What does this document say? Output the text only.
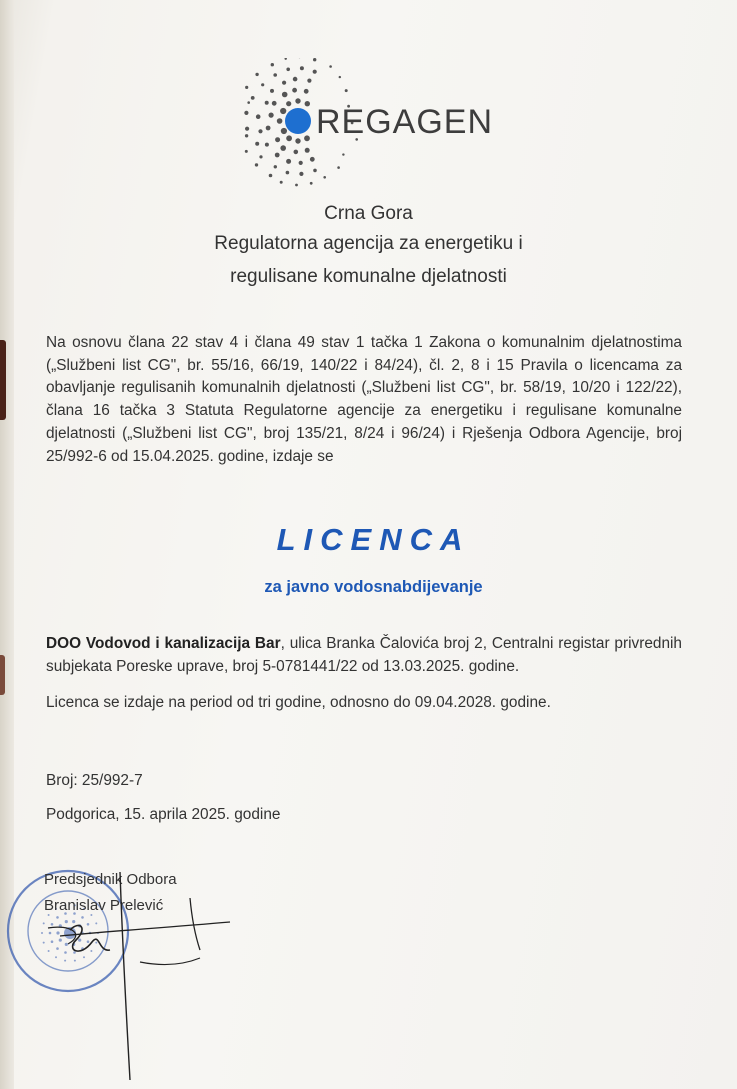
REGAGEN
Crna Gora
Regulatorna agencija za energetiku i
regulisane komunalne djelatnosti
Na osnovu člana 22 stav 4 i člana 49 stav 1 tačka 1 Zakona o komunalnim djelatnostima („Službeni list CG", br. 55/16, 66/19, 140/22 i 84/24), čl. 2, 8 i 15 Pravila o licencama za obavljanje regulisanih komunalnih djelatnosti („Službeni list CG", br. 58/19, 10/20 i 122/22), člana 16 tačka 3 Statuta Regulatorne agencije za energetiku i regulisane komunalne djelatnosti („Službeni list CG", broj 135/21, 8/24 i 96/24) i Rješenja Odbora Agencije, broj 25/992-6 od 15.04.2025. godine, izdaje se
LICENCA
za javno vodosnabdijevanje
DOO Vodovod i kanalizacija Bar, ulica Branka Čalovića broj 2, Centralni registar privrednih subjekata Poreske uprave, broj 5-0781441/22 od 13.03.2025. godine.
Licenca se izdaje na period od tri godine, odnosno do 09.04.2028. godine.
Broj: 25/992-7
Podgorica, 15. aprila 2025. godine
Predsjednik Odbora
Branislav Prelević
